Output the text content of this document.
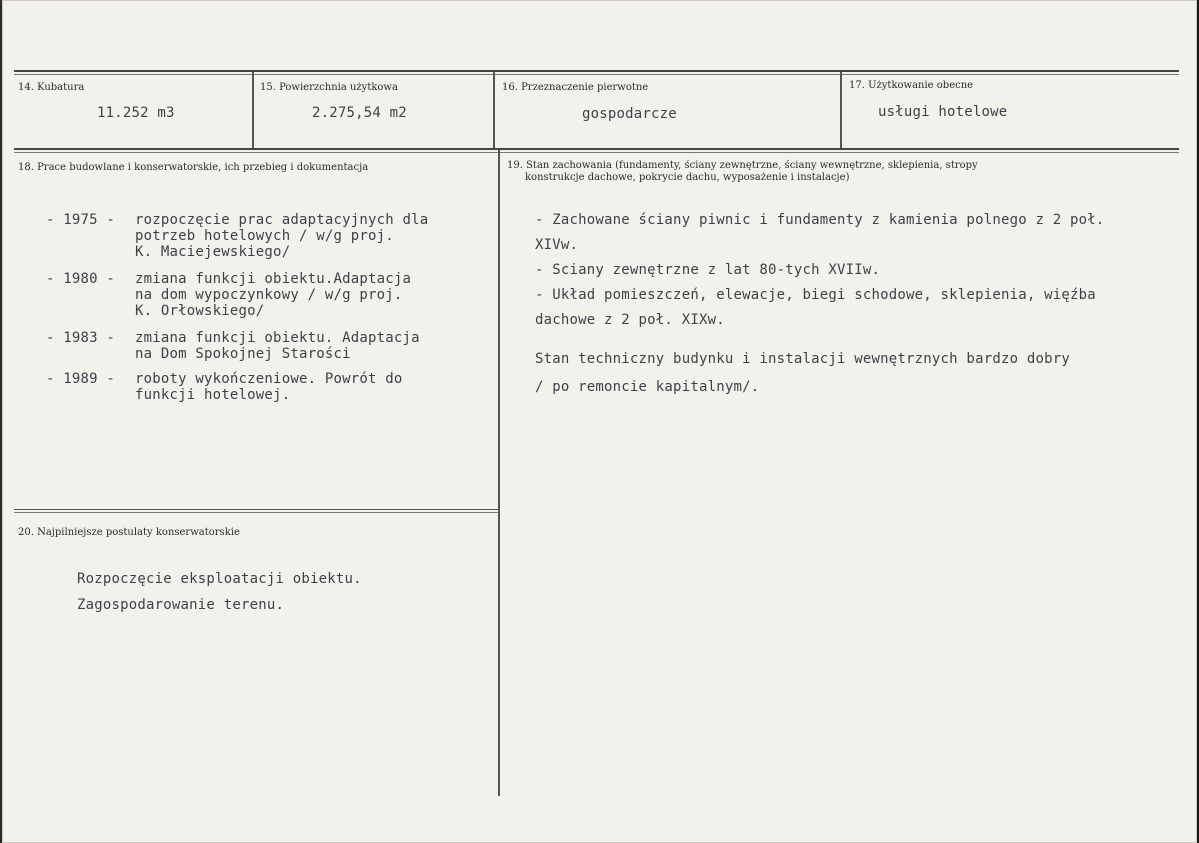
14. Kubatura
11.252 m3
15. Powierzchnia użytkowa
2.275,54 m2
16. Przeznaczenie pierwotne
gospodarcze
17. Użytkowanie obecne
usługi hotelowe
18. Prace budowlane i konserwatorskie, ich przebieg i dokumentacja
- 1975 - rozpoczęcie prac adaptacyjnych dla
potrzeb hotelowych / w/g proj.
K. Maciejewskiego/
- 1980 - zmiana funkcji obiektu.Adaptacja
na dom wypoczynkowy / w/g proj.
K. Orłowskiego/
- 1983 - zmiana funkcji obiektu. Adaptacja
na Dom Spokojnej Starości
- 1989 - roboty wykończeniowe. Powrót do
funkcji hotelowej.
19. Stan zachowania (fundamenty, ściany zewnętrzne, ściany wewnętrzne, sklepienia, stropy
konstrukcje dachowe, pokrycie dachu, wyposażenie i instalacje)
- Zachowane ściany piwnic i fundamenty z kamienia polnego z 2 poł.
XIVw.
- Sciany zewnętrzne z lat 80-tych XVIIw.
- Układ pomieszczeń, elewacje, biegi schodowe, sklepienia, więźba
dachowe z 2 poł. XIXw.
Stan techniczny budynku i instalacji wewnętrznych bardzo dobry
/ po remoncie kapitalnym/.
20. Najpilniejsze postulaty konserwatorskie
Rozpoczęcie eksploatacji obiektu.
Zagospodarowanie terenu.
